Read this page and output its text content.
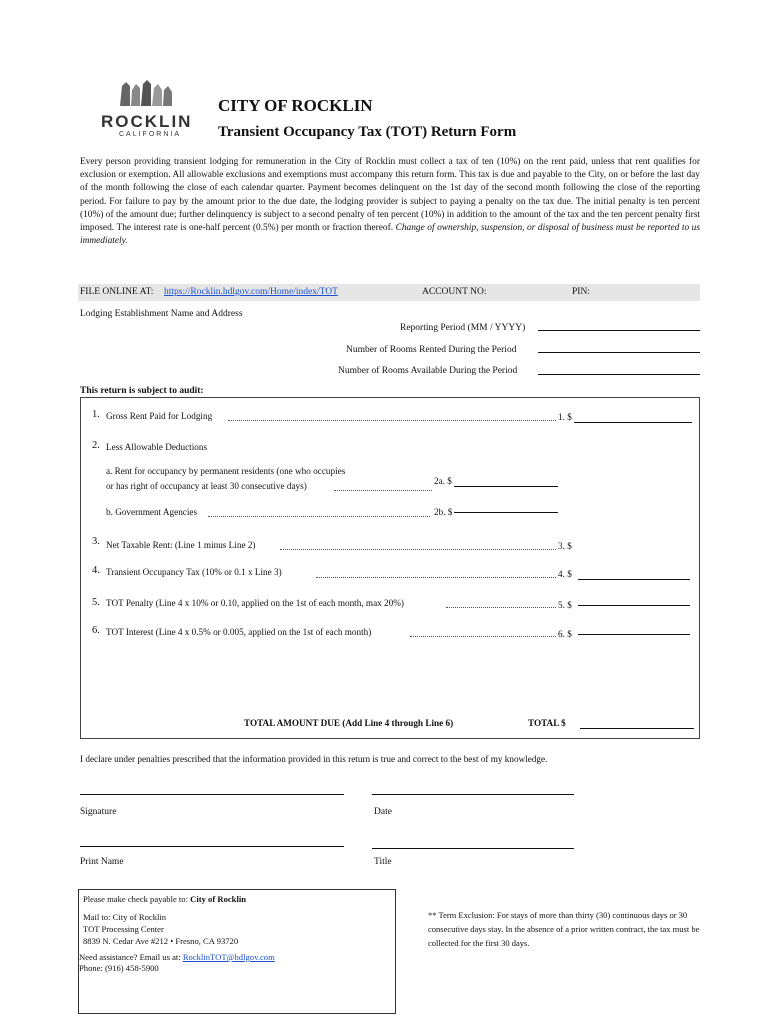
ROCKLIN
CALIFORNIA
CITY OF ROCKLIN
Transient Occupancy Tax (TOT) Return Form
Every person providing transient lodging for remuneration in the City of Rocklin must collect a tax of ten (10%) on the rent paid, unless that rent qualifies for exclusion or exemption. All allowable exclusions and exemptions must accompany this return form. This tax is due and payable to the City, on or before the last day of the month following the close of each calendar quarter. Payment becomes delinquent on the 1st day of the second month following the close of the reporting period. For failure to pay by the amount prior to the due date, the lodging provider is subject to paying a penalty on the tax due. The initial penalty is ten percent (10%) of the amount due; further delinquency is subject to a second penalty of ten percent (10%) in addition to the amount of the tax and the ten percent penalty first imposed. The interest rate is one-half percent (0.5%) per month or fraction thereof. Change of ownership, suspension, or disposal of business must be reported to us immediately.
FILE ONLINE AT: https://Rocklin.hdlgov.com/Home/index/TOT	ACCOUNT NO:	PIN:
Lodging Establishment Name and Address
Reporting Period (MM / YYYY)
Number of Rooms Rented During the Period
Number of Rooms Available During the Period
This return is subject to audit:
1. Gross Rent Paid for Lodging	1. $
2. Less Allowable Deductions
a. Rent for occupancy by permanent residents (one who occupies
or has right of occupancy at least 30 consecutive days)	2a. $
b. Government Agencies	2b. $
3. Net Taxable Rent: (Line 1 minus Line 2)	3. $
4. Transient Occupancy Tax (10% or 0.1 x Line 3)	4. $
5. TOT Penalty (Line 4 x 10% or 0.10, applied on the 1st of each month, max 20%)	5. $
6. TOT Interest (Line 4 x 0.5% or 0.005, applied on the 1st of each month)	6. $
TOTAL AMOUNT DUE (Add Line 4 through Line 6)	TOTAL $
I declare under penalties prescribed that the information provided in this return is true and correct to the best of my knowledge.
Signature	Date
Print Name	Title
Please make check payable to: City of Rocklin
Mail to: City of Rocklin
TOT Processing Center
8839 N. Cedar Ave #212 • Fresno, CA 93720
Need assistance? Email us at: RocklinTOT@hdlgov.com
Phone: (916) 458-5900
** Term Exclusion: For stays of more than thirty (30) continuous days or 30 consecutive days stay. In the absence of a prior written contract, the tax must be collected for the first 30 days.
